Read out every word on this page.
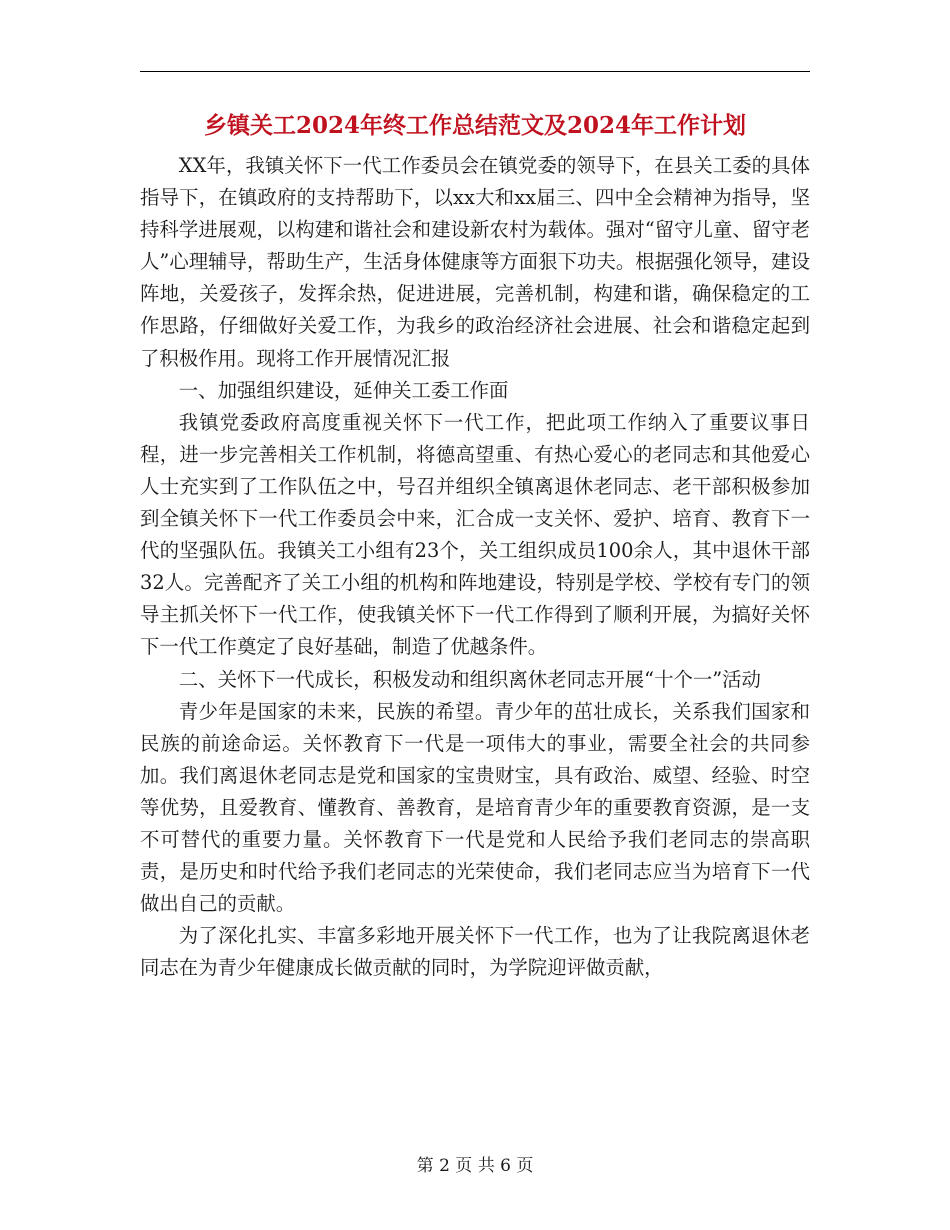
乡镇关工2024年终工作总结范文及2024年工作计划

XX年，我镇关怀下一代工作委员会在镇党委的领导下，在县关工委的具体指导下，在镇政府的支持帮助下，以xx大和xx届三、四中全会精神为指导，坚持科学进展观，以构建和谐社会和建设新农村为载体。强对“留守儿童、留守老人”心理辅导，帮助生产，生活身体健康等方面狠下功夫。根据强化领导，建设阵地，关爱孩子，发挥余热，促进进展，完善机制，构建和谐，确保稳定的工作思路，仔细做好关爱工作，为我乡的政治经济社会进展、社会和谐稳定起到了积极作用。现将工作开展情况汇报

一、加强组织建设，延伸关工委工作面

我镇党委政府高度重视关怀下一代工作，把此项工作纳入了重要议事日程，进一步完善相关工作机制，将德高望重、有热心爱心的老同志和其他爱心人士充实到了工作队伍之中，号召并组织全镇离退休老同志、老干部积极参加到全镇关怀下一代工作委员会中来，汇合成一支关怀、爱护、培育、教育下一代的坚强队伍。我镇关工小组有23个，关工组织成员100余人，其中退休干部32人。完善配齐了关工小组的机构和阵地建设，特别是学校、学校有专门的领导主抓关怀下一代工作，使我镇关怀下一代工作得到了顺利开展，为搞好关怀下一代工作奠定了良好基础，制造了优越条件。

二、关怀下一代成长，积极发动和组织离休老同志开展“十个一”活动

青少年是国家的未来，民族的希望。青少年的茁壮成长，关系我们国家和民族的前途命运。关怀教育下一代是一项伟大的事业，需要全社会的共同参加。我们离退休老同志是党和国家的宝贵财宝，具有政治、威望、经验、时空等优势，且爱教育、懂教育、善教育，是培育青少年的重要教育资源，是一支不可替代的重要力量。关怀教育下一代是党和人民给予我们老同志的崇高职责，是历史和时代给予我们老同志的光荣使命，我们老同志应当为培育下一代做出自己的贡献。

为了深化扎实、丰富多彩地开展关怀下一代工作，也为了让我院离退休老同志在为青少年健康成长做贡献的同时，为学院迎评做贡献，

第 2 页 共 6 页
